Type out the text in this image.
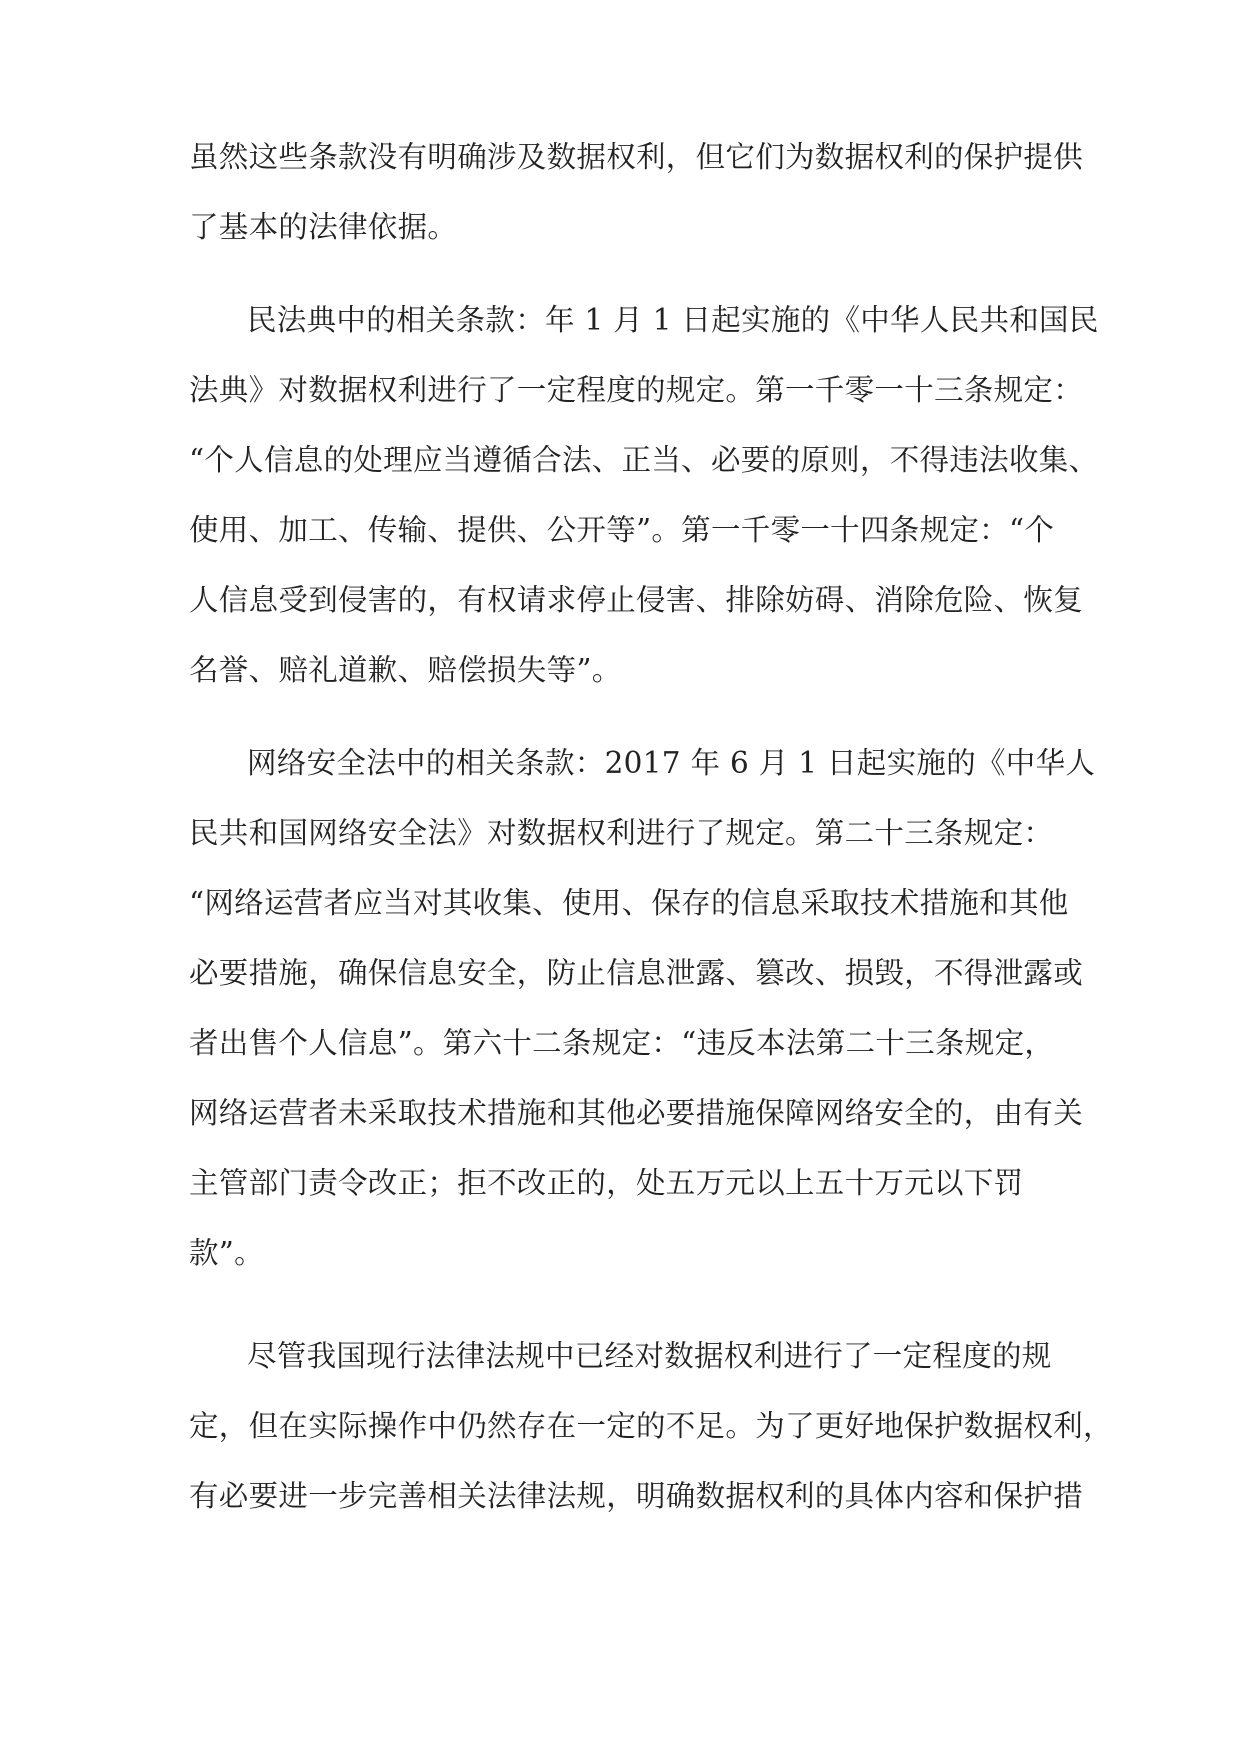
虽然这些条款没有明确涉及数据权利，但它们为数据权利的保护提供

了基本的法律依据。

民法典中的相关条款：年 1 月 1 日起实施的《中华人民共和国民

法典》对数据权利进行了一定程度的规定。第一千零一十三条规定：

“个人信息的处理应当遵循合法、正当、必要的原则，不得违法收集、

使用、加工、传输、提供、公开等”。第一千零一十四条规定：“个

人信息受到侵害的，有权请求停止侵害、排除妨碍、消除危险、恢复

名誉、赔礼道歉、赔偿损失等”。

网络安全法中的相关条款：2017 年 6 月 1 日起实施的《中华人

民共和国网络安全法》对数据权利进行了规定。第二十三条规定：

“网络运营者应当对其收集、使用、保存的信息采取技术措施和其他

必要措施，确保信息安全，防止信息泄露、篡改、损毁，不得泄露或

者出售个人信息”。第六十二条规定：“违反本法第二十三条规定，

网络运营者未采取技术措施和其他必要措施保障网络安全的，由有关

主管部门责令改正；拒不改正的，处五万元以上五十万元以下罚

款”。

尽管我国现行法律法规中已经对数据权利进行了一定程度的规

定，但在实际操作中仍然存在一定的不足。为了更好地保护数据权利，

有必要进一步完善相关法律法规，明确数据权利的具体内容和保护措
